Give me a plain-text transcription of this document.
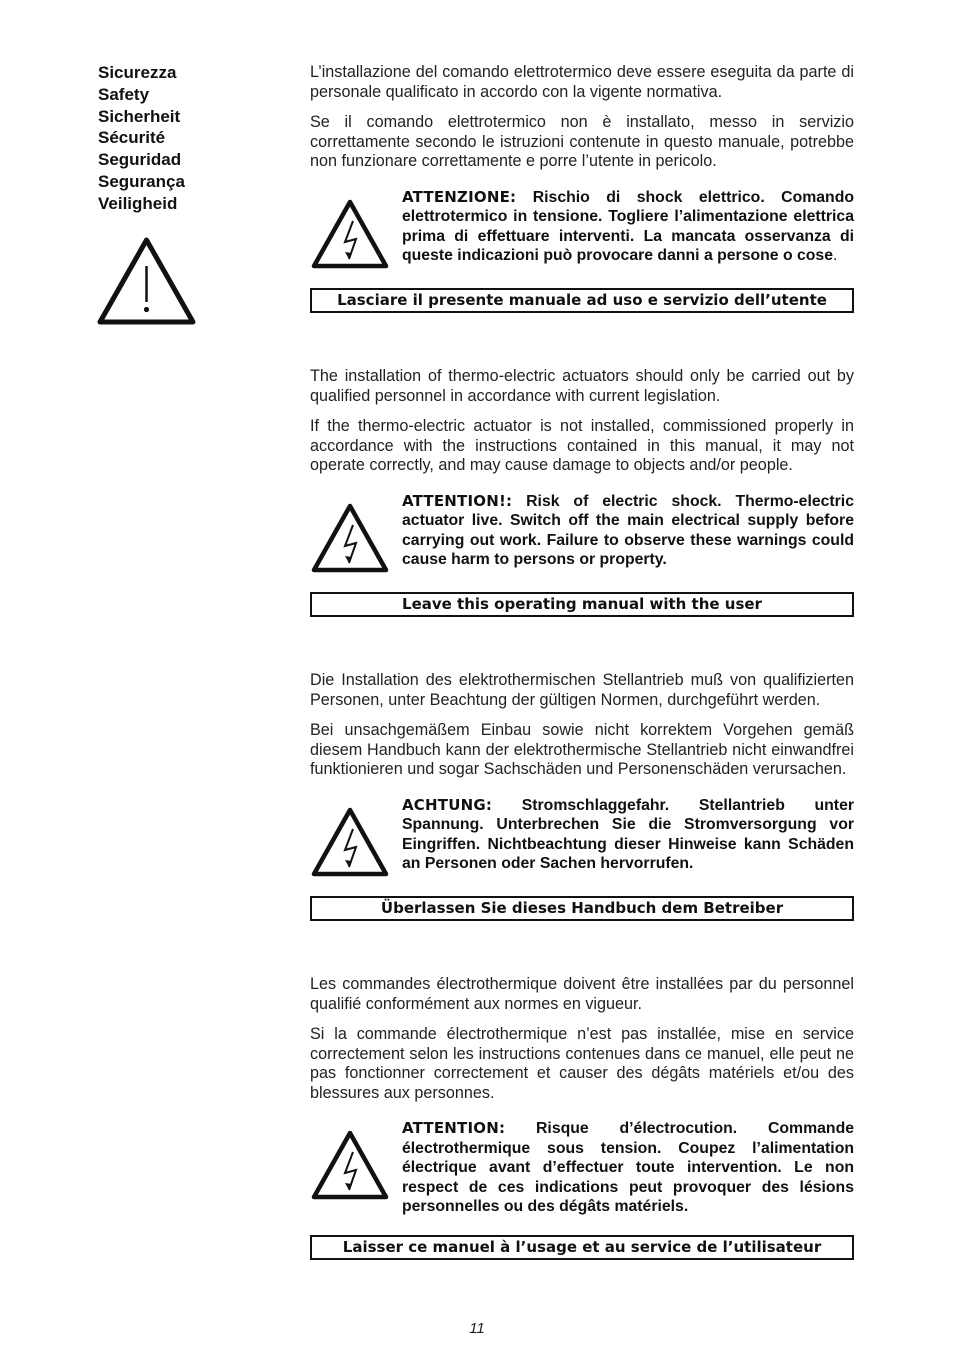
Sicurezza
Safety
Sicherheit
Sécurité
Seguridad
Segurança
Veiligheid

L’installazione del comando elettrotermico deve essere eseguita da parte di personale qualificato in accordo con la vigente normativa.

Se il comando elettrotermico non è installato, messo in servizio correttamente secondo le istruzioni contenute in questo manuale, potrebbe non funzionare correttamente e porre l’utente in pericolo.

ATTENZIONE: Rischio di shock elettrico. Comando elettrotermico in tensione. Togliere l’alimentazione elettrica prima di effettuare interventi. La mancata osservanza di queste indicazioni può provocare danni a persone o cose.
Lasciare il presente manuale ad uso e servizio dell’utente

The installation of thermo-electric actuators should only be carried out by qualified personnel in accordance with current legislation.

If the thermo-electric actuator is not installed, commissioned properly in accordance with the instructions contained in this manual, it may not operate correctly, and may cause damage to objects and/or people.

ATTENTION!: Risk of electric shock. Thermo-electric actuator live. Switch off the main electrical supply before carrying out work. Failure to observe these warnings could cause harm to persons or property.
Leave this operating manual with the user

Die Installation des elektrothermischen Stellantrieb muß von qualifizierten Personen, unter Beachtung der gültigen Normen, durchgeführt werden.

Bei unsachgemäßem Einbau sowie nicht korrektem Vorgehen gemäß diesem Handbuch kann der elektrothermische Stellantrieb nicht einwandfrei funktionieren und sogar Sachschäden und Personenschäden verursachen.

ACHTUNG: Stromschlaggefahr. Stellantrieb unter Spannung. Unterbrechen Sie die Stromversorgung vor Eingriffen. Nichtbeachtung dieser Hinweise kann Schäden an Personen oder Sachen hervorrufen.
Überlassen Sie dieses Handbuch dem Betreiber

Les commandes électrothermique doivent être installées par du personnel qualifié conformément aux normes en vigueur.

Si la commande électrothermique n’est pas installée, mise en service correctement selon les instructions contenues dans ce manuel, elle peut ne pas fonctionner correctement et causer des dégâts matériels et/ou des blessures aux personnes.

ATTENTION: Risque d’électrocution. Commande électrothermique sous tension. Coupez l’alimentation électrique avant d’effectuer toute intervention. Le non respect de ces indications peut provoquer des lésions personnelles ou des dégâts matériels.
Laisser ce manuel à l’usage et au service de l’utilisateur
11
